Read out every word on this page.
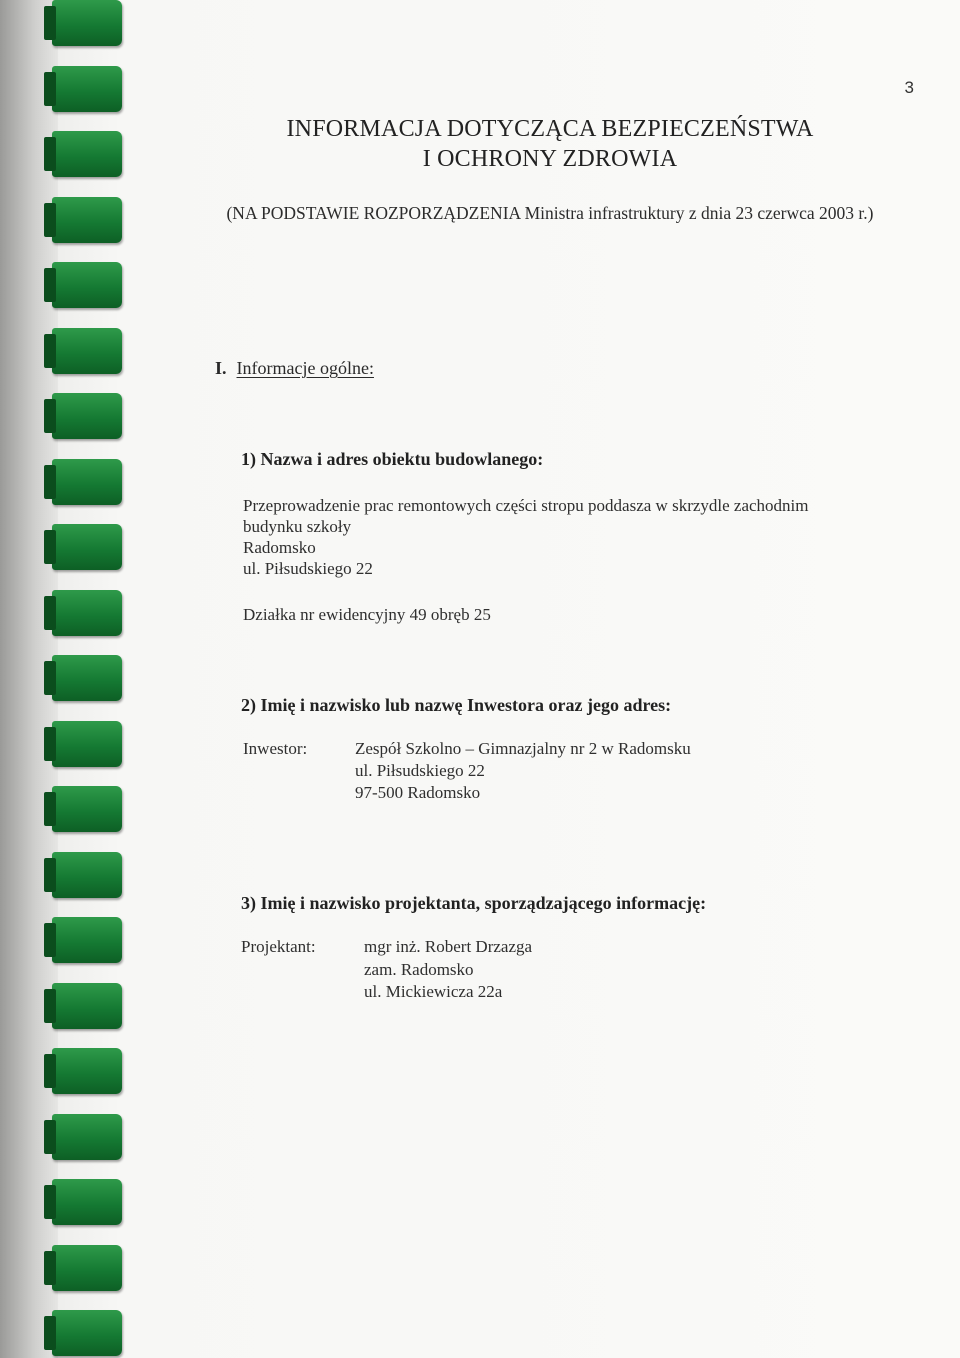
3
INFORMACJA DOTYCZĄCA BEZPIECZEŃSTWA
I OCHRONY ZDROWIA
(NA PODSTAWIE ROZPORZĄDZENIA Ministra infrastruktury z dnia 23 czerwca 2003 r.)
I. Informacje ogólne:
1) Nazwa i adres obiektu budowlanego:
Przeprowadzenie prac remontowych części stropu poddasza w skrzydle zachodnim
budynku szkoły
Radomsko
ul. Piłsudskiego 22
Działka nr ewidencyjny 49 obręb 25
2) Imię i nazwisko lub nazwę Inwestora oraz jego adres:
Inwestor:	Zespół Szkolno – Gimnazjalny nr 2 w Radomsku
ul. Piłsudskiego 22
97-500 Radomsko
3) Imię i nazwisko projektanta, sporządzającego informację:
Projektant:	mgr inż. Robert Drzazga
zam. Radomsko
ul. Mickiewicza 22a
